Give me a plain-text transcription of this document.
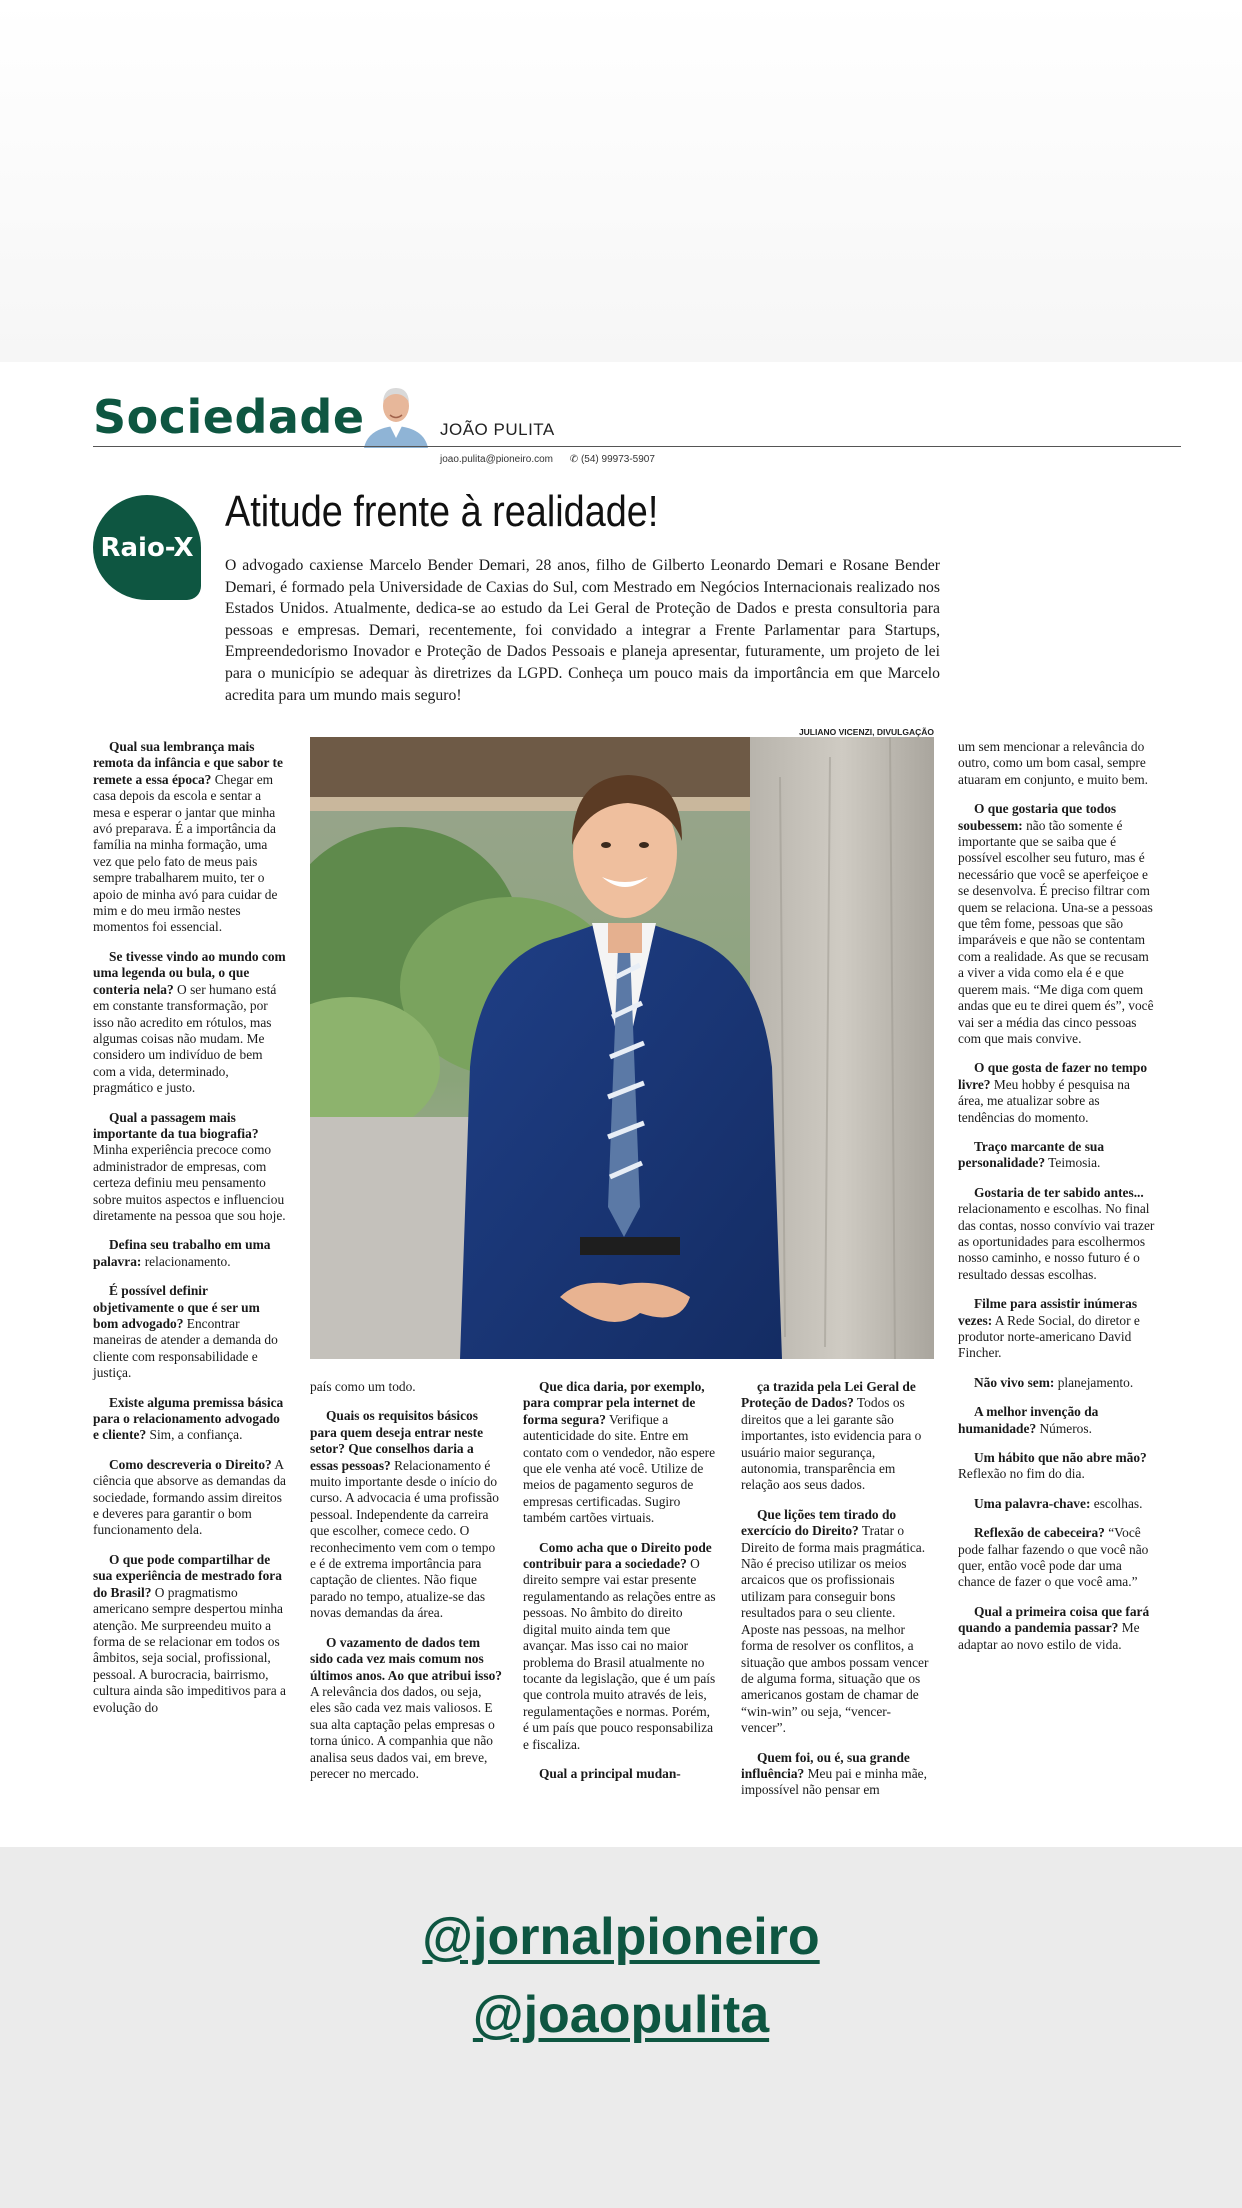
Sociedade	JOÃO PULITA
joao.pulita@pioneiro.com ✆ (54) 99973-5907
Raio-X
Atitude frente à realidade!

O advogado caxiense Marcelo Bender Demari, 28 anos, filho de Gilberto Leonardo Demari e Rosane Bender Demari, é formado pela Universidade de Caxias do Sul, com Mestrado em Negócios Internacionais realizado nos Estados Unidos. Atualmente, dedica-se ao estudo da Lei Geral de Proteção de Dados e presta consultoria para pessoas e empresas. Demari, recentemente, foi convidado a integrar a Frente Parlamentar para Startups, Empreendedorismo Inovador e Proteção de Dados Pessoais e planeja apresentar, futuramente, um projeto de lei para o município se adequar às diretrizes da LGPD. Conheça um pouco mais da importância em que Marcelo acredita para um mundo mais seguro!

JULIANO VICENZI, DIVULGAÇÃO

Qual sua lembrança mais remota da infância e que sabor te remete a essa época? Chegar em casa depois da escola e sentar a mesa e esperar o jantar que minha avó preparava. É a importância da família na minha formação, uma vez que pelo fato de meus pais sempre trabalharem muito, ter o apoio de minha avó para cuidar de mim e do meu irmão nestes momentos foi essencial.

Se tivesse vindo ao mundo com uma legenda ou bula, o que conteria nela? O ser humano está em constante transformação, por isso não acredito em rótulos, mas algumas coisas não mudam. Me considero um indivíduo de bem com a vida, determinado, pragmático e justo.

Qual a passagem mais importante da tua biografia? Minha experiência precoce como administrador de empresas, com certeza definiu meu pensamento sobre muitos aspectos e influenciou diretamente na pessoa que sou hoje.

Defina seu trabalho em uma palavra: relacionamento.

É possível definir objetivamente o que é ser um bom advogado? Encontrar maneiras de atender a demanda do cliente com responsabilidade e justiça.

Existe alguma premissa básica para o relacionamento advogado e cliente? Sim, a confiança.

Como descreveria o Direito? A ciência que absorve as demandas da sociedade, formando assim direitos e deveres para garantir o bom funcionamento dela.

O que pode compartilhar de sua experiência de mestrado fora do Brasil? O pragmatismo americano sempre despertou minha atenção. Me surpreendeu muito a forma de se relacionar em todos os âmbitos, seja social, profissional, pessoal. A burocracia, bairrismo, cultura ainda são impeditivos para a evolução do

país como um todo.

Quais os requisitos básicos para quem deseja entrar neste setor? Que conselhos daria a essas pessoas? Relacionamento é muito importante desde o início do curso. A advocacia é uma profissão pessoal. Independente da carreira que escolher, comece cedo. O reconhecimento vem com o tempo e é de extrema importância para captação de clientes. Não fique parado no tempo, atualize-se das novas demandas da área.

O vazamento de dados tem sido cada vez mais comum nos últimos anos. Ao que atribui isso? A relevância dos dados, ou seja, eles são cada vez mais valiosos. E sua alta captação pelas empresas o torna único. A companhia que não analisa seus dados vai, em breve, perecer no mercado.

Que dica daria, por exemplo, para comprar pela internet de forma segura? Verifique a autenticidade do site. Entre em contato com o vendedor, não espere que ele venha até você. Utilize de meios de pagamento seguros de empresas certificadas. Sugiro também cartões virtuais.

Como acha que o Direito pode contribuir para a sociedade? O direito sempre vai estar presente regulamentando as relações entre as pessoas. No âmbito do direito digital muito ainda tem que avançar. Mas isso cai no maior problema do Brasil atualmente no tocante da legislação, que é um país que controla muito através de leis, regulamentações e normas. Porém, é um país que pouco responsabiliza e fiscaliza.

Qual a principal mudan-

ça trazida pela Lei Geral de Proteção de Dados? Todos os direitos que a lei garante são importantes, isto evidencia para o usuário maior segurança, autonomia, transparência em relação aos seus dados.

Que lições tem tirado do exercício do Direito? Tratar o Direito de forma mais pragmática. Não é preciso utilizar os meios arcaicos que os profissionais utilizam para conseguir bons resultados para o seu cliente. Aposte nas pessoas, na melhor forma de resolver os conflitos, a situação que ambos possam vencer de alguma forma, situação que os americanos gostam de chamar de “win-win” ou seja, “vencer-vencer”.

Quem foi, ou é, sua grande influência? Meu pai e minha mãe, impossível não pensar em

um sem mencionar a relevância do outro, como um bom casal, sempre atuaram em conjunto, e muito bem.

O que gostaria que todos soubessem: não tão somente é importante que se saiba que é possível escolher seu futuro, mas é necessário que você se aperfeiçoe e se desenvolva. É preciso filtrar com quem se relaciona. Una-se a pessoas que têm fome, pessoas que são imparáveis e que não se contentam com a realidade. As que se recusam a viver a vida como ela é e que querem mais. “Me diga com quem andas que eu te direi quem és”, você vai ser a média das cinco pessoas com que mais convive.

O que gosta de fazer no tempo livre? Meu hobby é pesquisa na área, me atualizar sobre as tendências do momento.

Traço marcante de sua personalidade? Teimosia.

Gostaria de ter sabido antes... relacionamento e escolhas. No final das contas, nosso convívio vai trazer as oportunidades para escolhermos nosso caminho, e nosso futuro é o resultado dessas escolhas.

Filme para assistir inúmeras vezes: A Rede Social, do diretor e produtor norte-americano David Fincher.

Não vivo sem: planejamento.

A melhor invenção da humanidade? Números.

Um hábito que não abre mão? Reflexão no fim do dia.

Uma palavra-chave: escolhas.

Reflexão de cabeceira? “Você pode falhar fazendo o que você não quer, então você pode dar uma chance de fazer o que você ama.”

Qual a primeira coisa que fará quando a pandemia passar? Me adaptar ao novo estilo de vida.

@jornalpioneiro
@joaopulita
